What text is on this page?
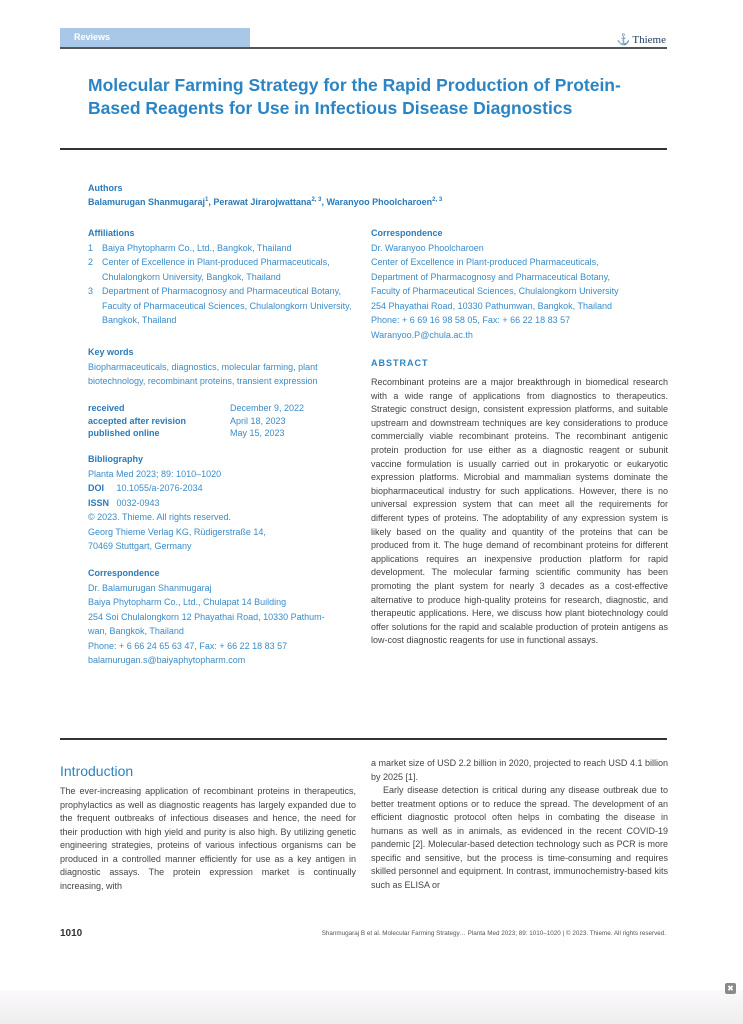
Reviews	⚓ Thieme
Molecular Farming Strategy for the Rapid Production of Protein-Based Reagents for Use in Infectious Disease Diagnostics
Authors
Balamurugan Shanmugaraj$^1$, Perawat Jirarojwattana$^{2, 3}$, Waranyoo Phoolcharoen$^{2, 3}$
Affiliations
1 Baiya Phytopharm Co., Ltd., Bangkok, Thailand
2 Center of Excellence in Plant-produced Pharmaceuticals, Chulalongkorn University, Bangkok, Thailand
3 Department of Pharmacognosy and Pharmaceutical Botany, Faculty of Pharmaceutical Sciences, Chulalongkorn University, Bangkok, Thailand
Key words
Biopharmaceuticals, diagnostics, molecular farming, plant biotechnology, recombinant proteins, transient expression
received	December 9, 2022
accepted after revision	April 18, 2023
published online	May 15, 2023
Bibliography
Planta Med 2023; 89: 1010–1020
DOI 10.1055/a-2076-2034
ISSN 0032-0943
© 2023. Thieme. All rights reserved.
Georg Thieme Verlag KG, Rüdigerstraße 14,
70469 Stuttgart, Germany
Correspondence
Dr. Balamurugan Shanmugaraj
Baiya Phytopharm Co., Ltd., Chulapat 14 Building
254 Soi Chulalongkorn 12 Phayathai Road, 10330 Pathum-
wan, Bangkok, Thailand
Phone: + 6 66 24 65 63 47, Fax: + 66 22 18 83 57
balamurugan.s@baiyaphytopharm.com
Correspondence
Dr. Waranyoo Phoolcharoen
Center of Excellence in Plant-produced Pharmaceuticals,
Department of Pharmacognosy and Pharmaceutical Botany,
Faculty of Pharmaceutical Sciences, Chulalongkorn University
254 Phayathai Road, 10330 Pathumwan, Bangkok, Thailand
Phone: + 6 69 16 98 58 05, Fax: + 66 22 18 83 57
Waranyoo.P@chula.ac.th
ABSTRACT
Recombinant proteins are a major breakthrough in biomedical research with a wide range of applications from diagnostics to therapeutics. Strategic construct design, consistent expression platforms, and suitable upstream and downstream techniques are key considerations to produce commercially viable recombinant proteins. The recombinant antigenic protein production for use either as a diagnostic reagent or subunit vaccine formulation is usually carried out in prokaryotic or eukaryotic expression platforms. Microbial and mammalian systems dominate the biopharmaceutical industry for such applications. However, there is no universal expression system that can meet all the requirements for different types of proteins. The adoptability of any expression system is likely based on the quality and quantity of the proteins that can be produced from it. The huge demand of recombinant proteins for different applications requires an inexpensive production platform for rapid development. The molecular farming scientific community has been promoting the plant system for nearly 3 decades as a cost-effective alternative to produce high-quality proteins for research, diagnostic, and therapeutic applications. Here, we discuss how plant biotechnology could offer solutions for the rapid and scalable production of protein antigens as low-cost diagnostic reagents for use in functional assays.
Introduction

The ever-increasing application of recombinant proteins in therapeutics, prophylactics as well as diagnostic reagents has largely expanded due to the frequent outbreaks of infectious diseases and hence, the need for their production with high yield and purity is also high. By utilizing genetic engineering strategies, proteins of various infectious organisms can be produced in a controlled manner efficiently for use as a key antigen in diagnostic assays. The protein expression market is continually increasing, with

a market size of USD 2.2 billion in 2020, projected to reach USD 4.1 billion by 2025 [1].

Early disease detection is critical during any disease outbreak due to better treatment options or to reduce the spread. The development of an efficient diagnostic protocol often helps in combating the disease in humans as well as in animals, as evidenced in the recent COVID-19 pandemic [2]. Molecular-based detection technology such as PCR is more specific and sensitive, but the process is time-consuming and requires skilled personnel and equipment. In contrast, immunochemistry-based kits such as ELISA or

1010	Shanmugaraj B et al. Molecular Farming Strategy… Planta Med 2023; 89: 1010–1020 | © 2023. Thieme. All rights reserved.
✖
